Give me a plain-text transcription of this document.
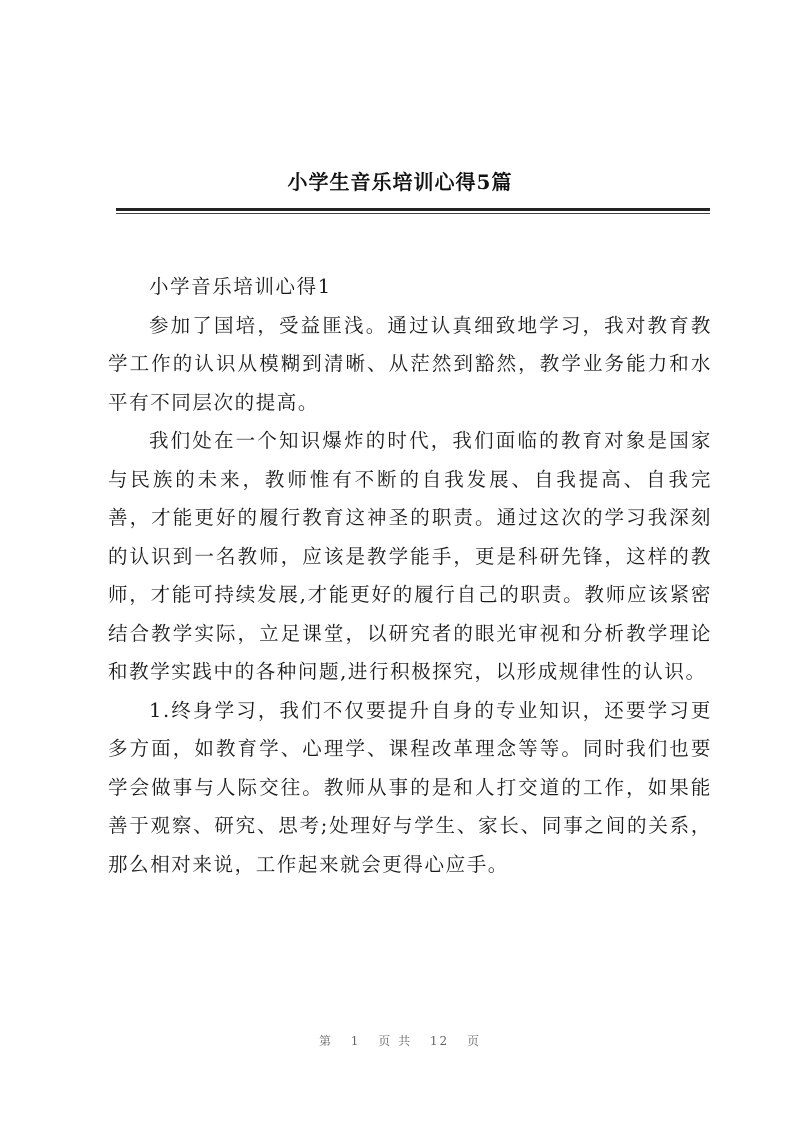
小学生音乐培训心得5篇

小学音乐培训心得1

参加了国培，受益匪浅。通过认真细致地学习，我对教育教学工作的认识从模糊到清晰、从茫然到豁然，教学业务能力和水平有不同层次的提高。

我们处在一个知识爆炸的时代，我们面临的教育对象是国家与民族的未来，教师惟有不断的自我发展、自我提高、自我完善，才能更好的履行教育这神圣的职责。通过这次的学习我深刻的认识到一名教师，应该是教学能手，更是科研先锋，这样的教师，才能可持续发展,才能更好的履行自己的职责。教师应该紧密结合教学实际，立足课堂，以研究者的眼光审视和分析教学理论和教学实践中的各种问题,进行积极探究，以形成规律性的认识。

1.终身学习，我们不仅要提升自身的专业知识，还要学习更多方面，如教育学、心理学、课程改革理念等等。同时我们也要学会做事与人际交往。教师从事的是和人打交道的工作，如果能善于观察、研究、思考;处理好与学生、家长、同事之间的关系，那么相对来说，工作起来就会更得心应手。

第 1 页 共 12 页
